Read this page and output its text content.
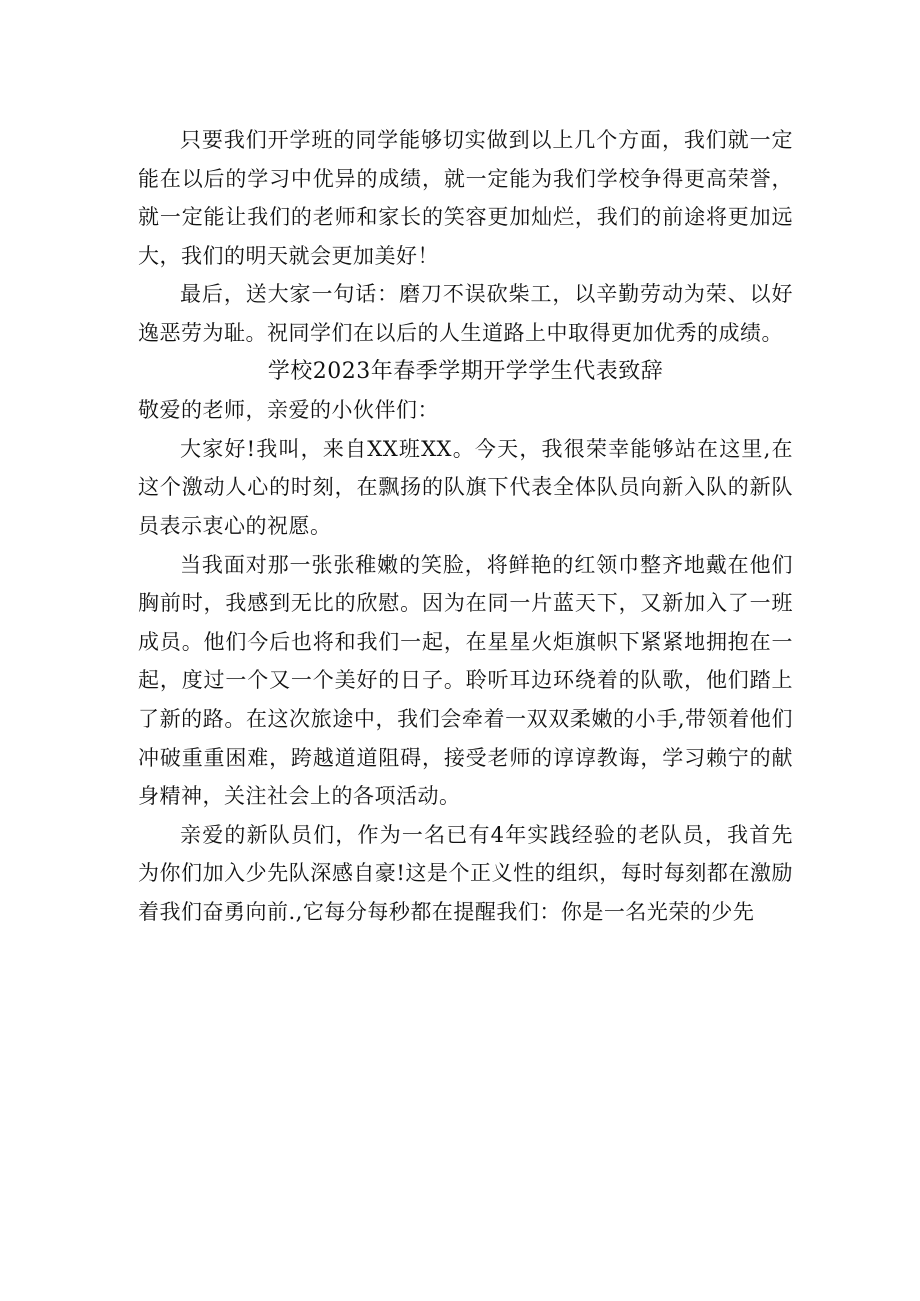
只要我们开学班的同学能够切实做到以上几个方面，我们就一定能在以后的学习中优异的成绩，就一定能为我们学校争得更高荣誉，就一定能让我们的老师和家长的笑容更加灿烂，我们的前途将更加远大，我们的明天就会更加美好！

最后，送大家一句话：磨刀不误砍柴工，以辛勤劳动为荣、以好逸恶劳为耻。祝同学们在以后的人生道路上中取得更加优秀的成绩。

学校2023年春季学期开学学生代表致辞

敬爱的老师，亲爱的小伙伴们：

大家好!我叫，来自XX班XX。今天，我很荣幸能够站在这里,在这个激动人心的时刻，在飘扬的队旗下代表全体队员向新入队的新队员表示衷心的祝愿。

当我面对那一张张稚嫩的笑脸，将鲜艳的红领巾整齐地戴在他们胸前时，我感到无比的欣慰。因为在同一片蓝天下，又新加入了一班成员。他们今后也将和我们一起，在星星火炬旗帜下紧紧地拥抱在一起，度过一个又一个美好的日子。聆听耳边环绕着的队歌，他们踏上了新的路。在这次旅途中，我们会牵着一双双柔嫩的小手,带领着他们冲破重重困难，跨越道道阻碍，接受老师的谆谆教诲，学习赖宁的献身精神，关注社会上的各项活动。

亲爱的新队员们，作为一名已有4年实践经验的老队员，我首先为你们加入少先队深感自豪!这是个正义性的组织，每时每刻都在激励着我们奋勇向前.,它每分每秒都在提醒我们：你是一名光荣的少先
